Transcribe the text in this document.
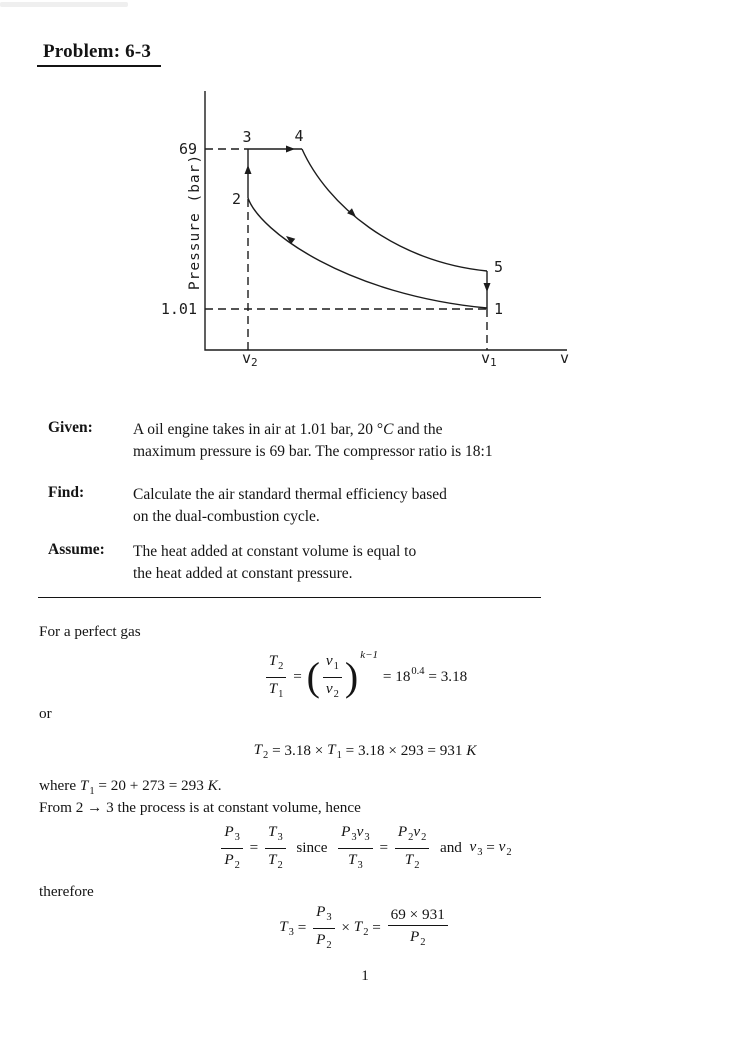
Problem: 6-3
69
1.01
Pressure (bar)
3	4
2
5
1
$v_2$	$v_1$	v
Given:	A oil engine takes in air at 1.01 bar, 20 °C and the
maximum pressure is 69 bar. The compressor ratio is 18:1
Find:	Calculate the air standard thermal efficiency based
on the dual-combustion cycle.
Assume: The heat added at constant volume is equal to
the heat added at constant pressure.
For a perfect gas
$\frac{T_2}{T_1}$ = ( $\frac{v_1}{v_2}$ ) k−1
= $18^{0.4} = 3.18$
or
$T_2 = 3.18 \times T_1 = 3.18 \times 293 = 931$ K
where $T_1 = 20 + 273 = 293$ K.
From 2 → 3 the process is at constant volume, hence
$\frac{P_3}{P_2} = \frac{T_3}{T_2}$ since $\frac{P_3v_3}{T_3} = \frac{P_2v_2}{T_2}$ and $v_3 = v_2$
therefore
$T_3 = \frac{P_3}{P_2} \times T_2 = \frac{69 \times 931}{P_2}$
1
